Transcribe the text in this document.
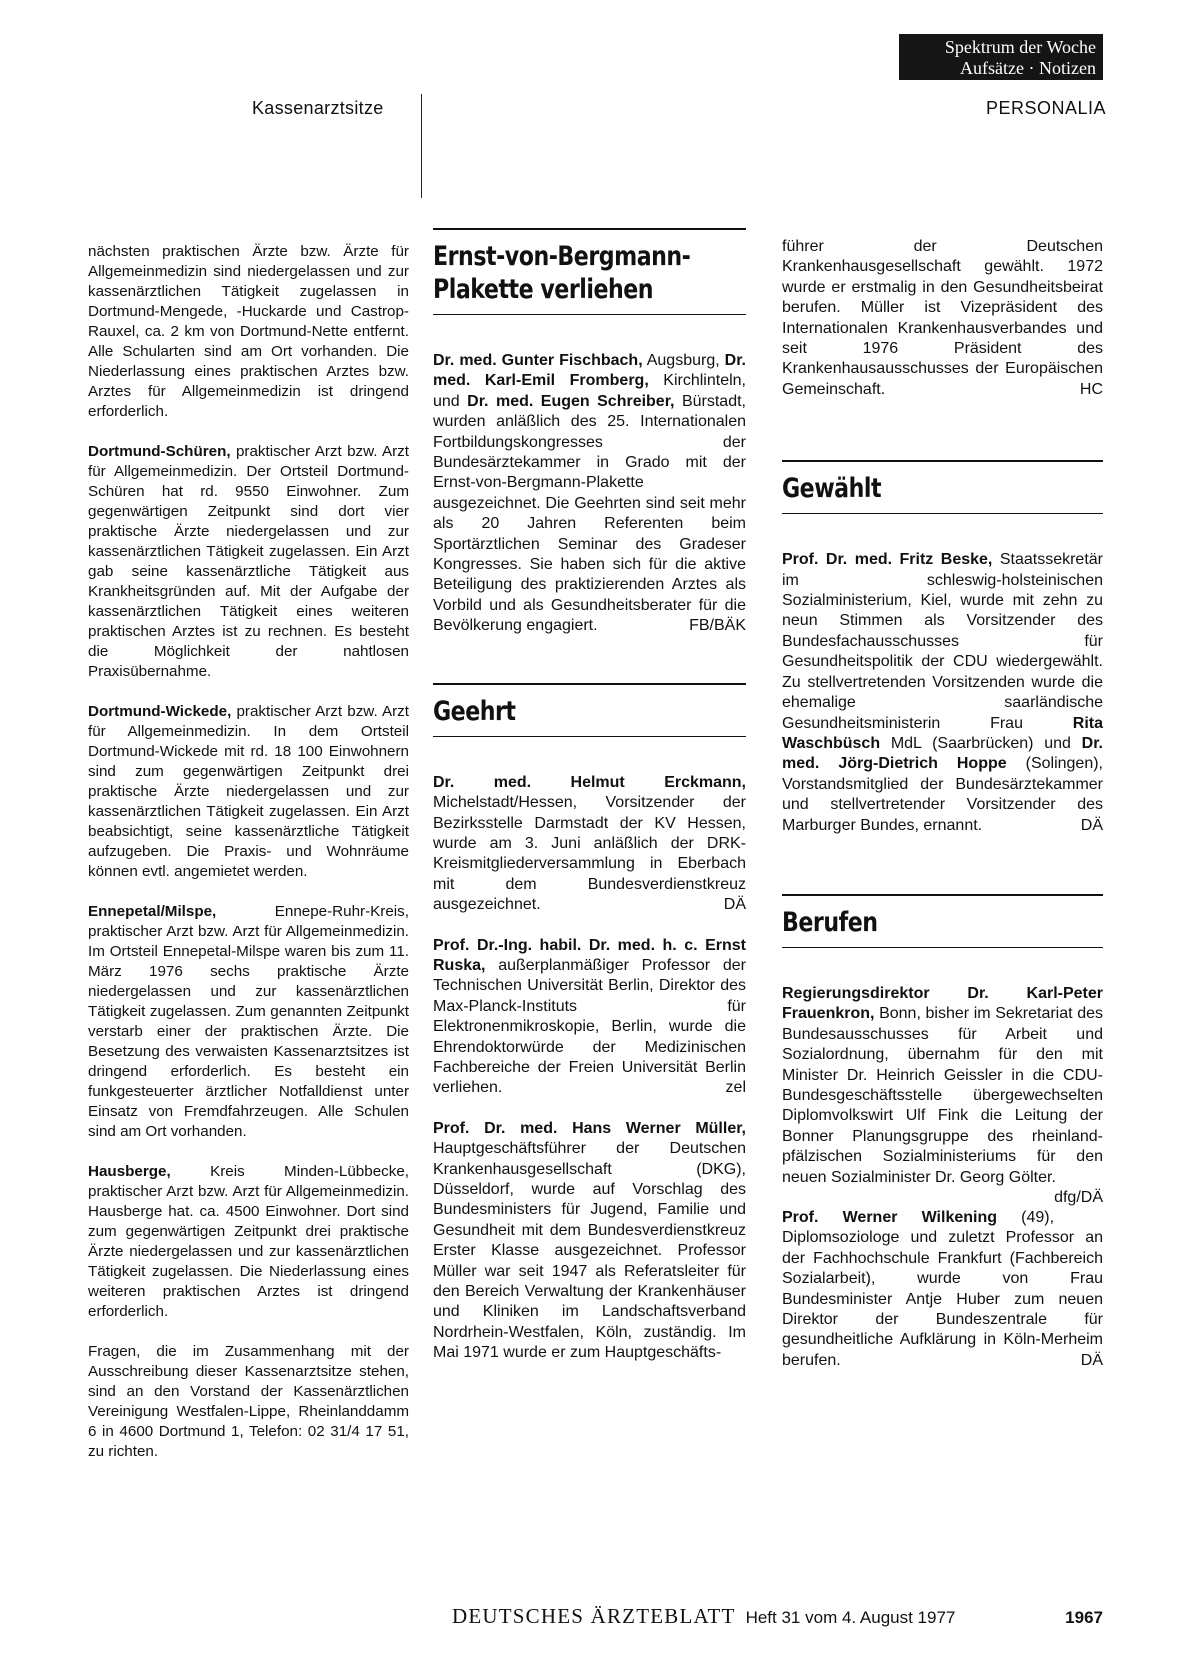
Spektrum der Woche
Aufsätze · Notizen
Kassenarztsitze	PERSONALIA

nächsten praktischen Ärzte bzw. Ärzte für Allgemeinmedizin sind niedergelassen und zur kassenärztlichen Tätigkeit zugelassen in Dortmund-Mengede, -Huckarde und Castrop-Rauxel, ca. 2 km von Dortmund-Nette entfernt. Alle Schularten sind am Ort vorhanden. Die Niederlassung eines praktischen Arztes bzw. Arztes für Allgemeinmedizin ist dringend erforderlich.

Dortmund-Schüren, praktischer Arzt bzw. Arzt für Allgemeinmedizin. Der Ortsteil Dortmund-Schüren hat rd. 9550 Einwohner. Zum gegenwärtigen Zeitpunkt sind dort vier praktische Ärzte niedergelassen und zur kassenärztlichen Tätigkeit zugelassen. Ein Arzt gab seine kassenärztliche Tätigkeit aus Krankheitsgründen auf. Mit der Aufgabe der kassenärztlichen Tätigkeit eines weiteren praktischen Arztes ist zu rechnen. Es besteht die Möglichkeit der nahtlosen Praxisübernahme.

Dortmund-Wickede, praktischer Arzt bzw. Arzt für Allgemeinmedizin. In dem Ortsteil Dortmund-Wickede mit rd. 18 100 Einwohnern sind zum gegenwärtigen Zeitpunkt drei praktische Ärzte niedergelassen und zur kassenärztlichen Tätigkeit zugelassen. Ein Arzt beabsichtigt, seine kassenärztliche Tätigkeit aufzugeben. Die Praxis- und Wohnräume können evtl. angemietet werden.

Ennepetal/Milspe, Ennepe-Ruhr-Kreis, praktischer Arzt bzw. Arzt für Allgemeinmedizin. Im Ortsteil Ennepetal-Milspe waren bis zum 11. März 1976 sechs praktische Ärzte niedergelassen und zur kassenärztlichen Tätigkeit zugelassen. Zum genannten Zeitpunkt verstarb einer der praktischen Ärzte. Die Besetzung des verwaisten Kassenarztsitzes ist dringend erforderlich. Es besteht ein funkgesteuerter ärztlicher Notfalldienst unter Einsatz von Fremdfahrzeugen. Alle Schulen sind am Ort vorhanden.

Hausberge, Kreis Minden-Lübbecke, praktischer Arzt bzw. Arzt für Allgemeinmedizin. Hausberge hat. ca. 4500 Einwohner. Dort sind zum gegenwärtigen Zeitpunkt drei praktische Ärzte niedergelassen und zur kassenärztlichen Tätigkeit zugelassen. Die Niederlassung eines weiteren praktischen Arztes ist dringend erforderlich.

Fragen, die im Zusammenhang mit der Ausschreibung dieser Kassenarztsitze stehen, sind an den Vorstand der Kassenärztlichen Vereinigung Westfalen-Lippe, Rheinlanddamm 6 in 4600 Dortmund 1, Telefon: 02 31/4 17 51, zu richten.

Ernst-von-Bergmann-
Plakette verliehen

Dr. med. Gunter Fischbach, Augsburg, Dr. med. Karl-Emil Fromberg, Kirchlinteln, und Dr. med. Eugen Schreiber, Bürstadt, wurden anläßlich des 25. Internationalen Fortbildungskongresses der Bundesärztekammer in Grado mit der Ernst-von-Bergmann-Plakette ausgezeichnet. Die Geehrten sind seit mehr als 20 Jahren Referenten beim Sportärztlichen Seminar des Gradeser Kongresses. Sie haben sich für die aktive Beteiligung des praktizierenden Arztes als Vorbild und als Gesundheitsberater für die Bevölkerung engagiert.	FB/BÄK

Geehrt

Dr. med. Helmut Erckmann, Michelstadt/Hessen, Vorsitzender der Bezirksstelle Darmstadt der KV Hessen, wurde am 3. Juni anläßlich der DRK-Kreismitgliederversammlung in Eberbach mit dem Bundesverdienstkreuz ausgezeichnet.	DÄ

Prof. Dr.-Ing. habil. Dr. med. h. c. Ernst Ruska, außerplanmäßiger Professor der Technischen Universität Berlin, Direktor des Max-Planck-Instituts für Elektronenmikroskopie, Berlin, wurde die Ehrendoktorwürde der Medizinischen Fachbereiche der Freien Universität Berlin verliehen.	zel

Prof. Dr. med. Hans Werner Müller, Hauptgeschäftsführer der Deutschen Krankenhausgesellschaft (DKG), Düsseldorf, wurde auf Vorschlag des Bundesministers für Jugend, Familie und Gesundheit mit dem Bundesverdienstkreuz Erster Klasse ausgezeichnet. Professor Müller war seit 1947 als Referatsleiter für den Bereich Verwaltung der Krankenhäuser und Kliniken im Landschaftsverband Nordrhein-Westfalen, Köln, zuständig. Im Mai 1971 wurde er zum Hauptgeschäfts-

führer der Deutschen Krankenhausgesellschaft gewählt. 1972 wurde er erstmalig in den Gesundheitsbeirat berufen. Müller ist Vizepräsident des Internationalen Krankenhausverbandes und seit 1976 Präsident des Krankenhausausschusses der Europäischen Gemeinschaft.	HC

Gewählt

Prof. Dr. med. Fritz Beske, Staatssekretär im schleswig-holsteinischen Sozialministerium, Kiel, wurde mit zehn zu neun Stimmen als Vorsitzender des Bundesfachausschusses für Gesundheitspolitik der CDU wiedergewählt. Zu stellvertretenden Vorsitzenden wurde die ehemalige saarländische Gesundheitsministerin Frau Rita Waschbüsch MdL (Saarbrücken) und Dr. med. Jörg-Dietrich Hoppe (Solingen), Vorstandsmitglied der Bundesärztekammer und stellvertretender Vorsitzender des Marburger Bundes, ernannt.	DÄ

Berufen

Regierungsdirektor Dr. Karl-Peter Frauenkron, Bonn, bisher im Sekretariat des Bundesausschusses für Arbeit und Sozialordnung, übernahm für den mit Minister Dr. Heinrich Geissler in die CDU-Bundesgeschäftsstelle übergewechselten Diplomvolkswirt Ulf Fink die Leitung der Bonner Planungsgruppe des rheinland-pfälzischen Sozialministeriums für den neuen Sozialminister Dr. Georg Gölter.
dfg/DÄ

Prof. Werner Wilkening (49), Diplomsoziologe und zuletzt Professor an der Fachhochschule Frankfurt (Fachbereich Sozialarbeit), wurde von Frau Bundesminister Antje Huber zum neuen Direktor der Bundeszentrale für gesundheitliche Aufklärung in Köln-Merheim berufen.	DÄ

DEUTSCHES ÄRZTEBLATT Heft 31 vom 4. August 1977	1967
